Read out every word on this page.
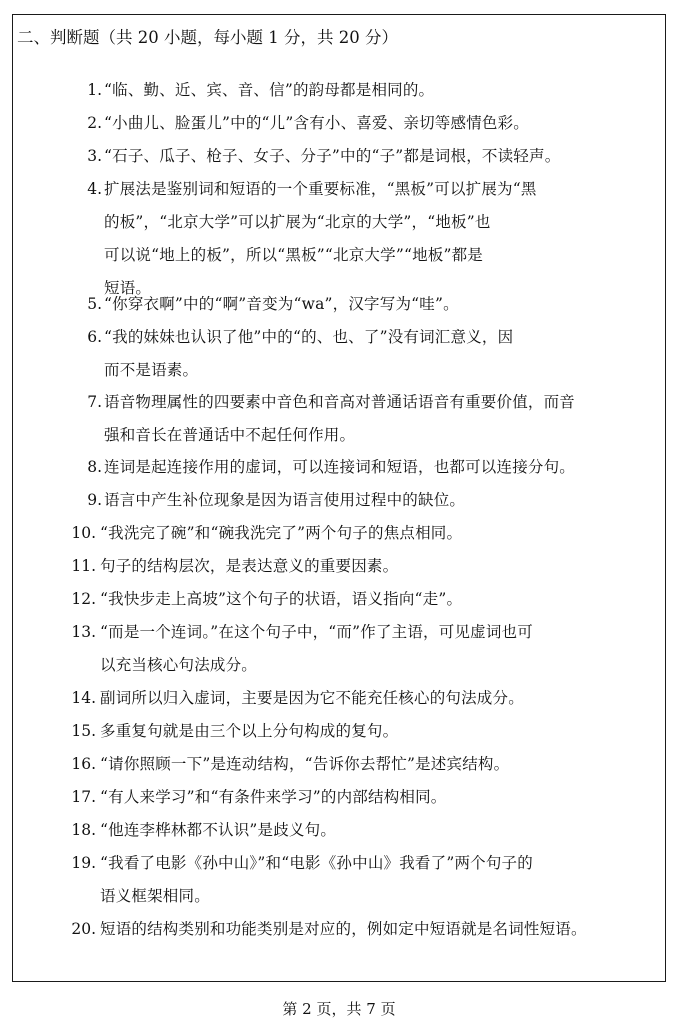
二、判断题（共 20 小题，每小题 1 分，共 20 分）
1. “临、勤、近、宾、音、信”的韵母都是相同的。
2. “小曲儿、脸蛋儿”中的“儿”含有小、喜爱、亲切等感情色彩。
3. “石子、瓜子、枪子、女子、分子”中的“子”都是词根，不读轻声。
4. 扩展法是鉴别词和短语的一个重要标准，“黑板”可以扩展为“黑
的板”，“北京大学”可以扩展为“北京的大学”，“地板”也
可以说“地上的板”，所以“黑板”“北京大学”“地板”都是
短语。
5. “你穿衣啊”中的“啊”音变为“wa”，汉字写为“哇”。
6. “我的妹妹也认识了他”中的“的、也、了”没有词汇意义，因
而不是语素。
7. 语音物理属性的四要素中音色和音高对普通话语音有重要价值，而音
强和音长在普通话中不起任何作用。
8. 连词是起连接作用的虚词，可以连接词和短语，也都可以连接分句。
9. 语言中产生补位现象是因为语言使用过程中的缺位。
10. “我洗完了碗”和“碗我洗完了”两个句子的焦点相同。
11. 句子的结构层次，是表达意义的重要因素。
12. “我快步走上高坡”这个句子的状语，语义指向“走”。
13. “而是一个连词。”在这个句子中，“而”作了主语，可见虚词也可
以充当核心句法成分。
14. 副词所以归入虚词，主要是因为它不能充任核心的句法成分。
15. 多重复句就是由三个以上分句构成的复句。
16. “请你照顾一下”是连动结构，“告诉你去帮忙”是述宾结构。
17. “有人来学习”和“有条件来学习”的内部结构相同。
18. “他连李桦林都不认识”是歧义句。
19. “我看了电影《孙中山》”和“电影《孙中山》我看了”两个句子的
语义框架相同。
20. 短语的结构类别和功能类别是对应的，例如定中短语就是名词性短语。
第 2 页，共 7 页
